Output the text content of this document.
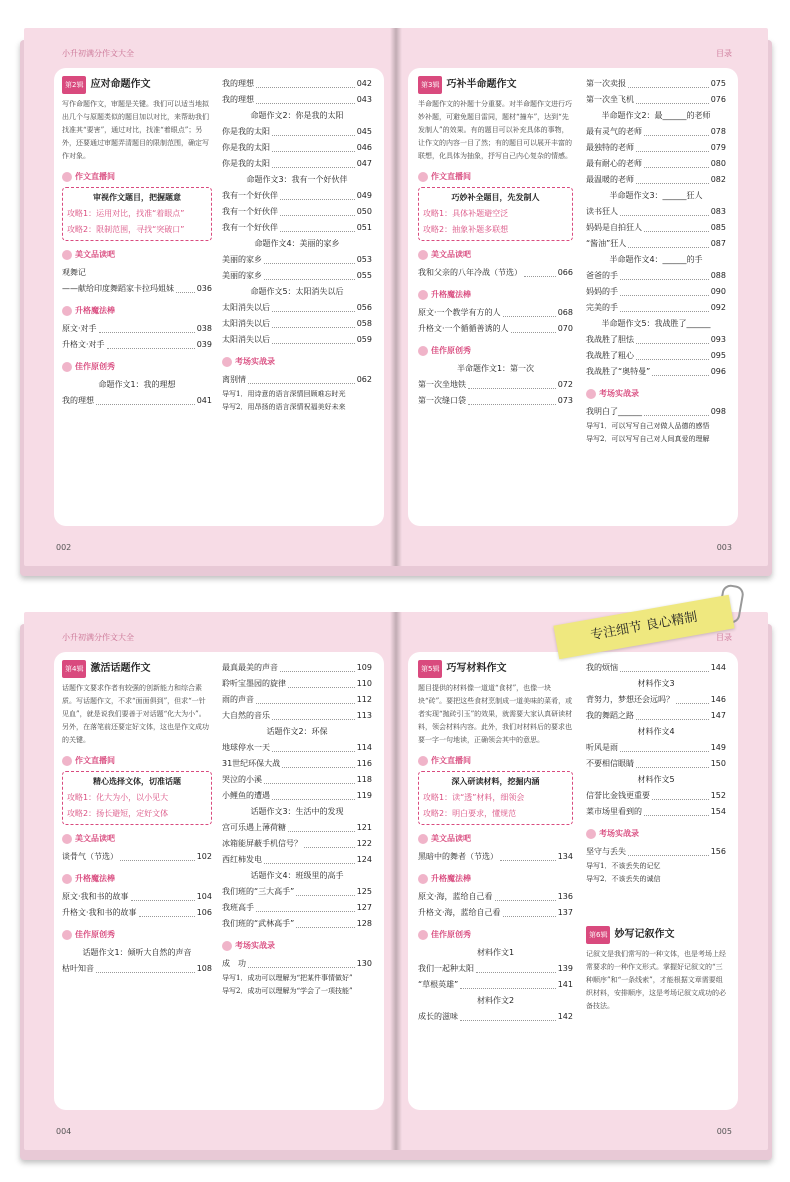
小升初满分作文大全
第2辑 应对命题作文
写作命题作文，审题是关键。我们可以适当地拟出几个与原题类似的题目加以对比，来帮助我们找准其“要害”，通过对比，找准“着眼点”；另外，还要通过审题弄清题目的限制范围，确定写作对象。
作文直播间
审视作文题目，把握题意
攻略1：运用对比，找准“着眼点”
攻略2：限制范围，寻找“突破口”
美文品读吧
观舞记
——献给印度舞蹈家卡拉玛姐妹	036
升格魔法棒
原文·对手	038
升格文·对手	039
佳作原创秀
命题作文1：我的理想
我的理想	041
我的理想	042
我的理想	043
命题作文2：你是我的太阳
你是我的太阳	045
你是我的太阳	046
你是我的太阳	047
命题作文3：我有一个好伙伴
我有一个好伙伴	049
我有一个好伙伴	050
我有一个好伙伴	051
命题作文4：美丽的家乡
美丽的家乡	053
美丽的家乡	055
命题作文5：太阳消失以后
太阳消失以后	056
太阳消失以后	058
太阳消失以后	059
考场实战录
离别情	062
导写1．用诗意的语言深情回顾难忘时光
导写2．用昂扬的语言深情祝福美好未来
002
目录
第3辑 巧补半命题作文
半命题作文的补题十分重要。对半命题作文进行巧妙补题，可避免题目雷同，题材“撞车”，达到“先发制人”的效果。有的题目可以补充具体的事物，让作文的内容一目了然；有的题目可以展开丰富的联想，化具体为抽象，抒写自己内心复杂的情感。
作文直播间
巧妙补全题目，先发制人
攻略1：具体补题避空泛
攻略2：抽象补题多联想
美文品读吧
我和父亲的八年冷战（节选）	066
升格魔法棒
原文·一个教学有方的人	068
升格文·一个循循善诱的人	070
佳作原创秀
半命题作文1：第一次
第一次坐地铁	072
第一次缝口袋	073
第一次卖报	075
第一次坐飞机	076
半命题作文2：最______的老师
最有灵气的老师	078
最独特的老师	079
最有耐心的老师	080
最温暖的老师	082
半命题作文3：______狂人
读书狂人	083
妈妈是自拍狂人	085
“酱油”狂人	087
半命题作文4：______的手
爸爸的手	088
妈妈的手	090
完美的手	092
半命题作文5：我战胜了______
我战胜了胆怯	093
我战胜了粗心	095
我战胜了“奥特曼”	096
考场实战录
我明白了______	098
导写1．可以写写自己对做人品德的感悟
导写2．可以写写自己对人间真爱的理解
003
小升初满分作文大全
第4辑 激活话题作文
话题作文要求作者有较强的创新能力和综合素质。写话题作文，不求“面面俱到”，但求“一针见血”，就是说我们要善于对话题“化大为小”。另外，在落笔前还要定好文体，这也是作文成功的关键。
作文直播间
精心选择文体，切准话题
攻略1：化大为小，以小见大
攻略2：扬长避短，定好文体
美文品读吧
谈骨气（节选）	102
升格魔法棒
原文·我和书的故事	104
升格文·我和书的故事	106
佳作原创秀
话题作文1：倾听大自然的声音
枯叶知音	108
最真最美的声音	109
聆听宝墨园的旋律	110
雨的声音	112
大自然的音乐	113
话题作文2：环保
地球停水一天	114
31世纪环保大战	116
哭泣的小溪	118
小鲤鱼的遭遇	119
话题作文3：生活中的发现
宫可乐遇上薄荷糖	121
冰箱能屏蔽手机信号？	122
西红柿发电	124
话题作文4：班级里的高手
我们班的“三大高手”	125
我班高手	127
我们班的“武林高手”	128
考场实战录
成　功	130
导写1．成功可以理解为“把某件事情做好”
导写2．成功可以理解为“学会了一项技能”
004
目录
第5辑 巧写材料作文
题目提供的材料像一道道“食材”，也像一块块“砖”。要把这些食材烹制成一道美味的菜肴，或者实现“抛砖引玉”的效果，就需要大家认真研读材料，领会材料内容。此外，我们对材料后的要求也要一字一句地读，正确领会其中的意思。
作文直播间
深入研读材料，挖掘内涵
攻略1：读“透”材料，细领会
攻略2：明白要求，懂规范
美文品读吧
黑暗中的舞者（节选）	134
升格魔法棒
原文·海，蓝给自己看	136
升格文·海，蓝给自己看	137
佳作原创秀
材料作文1
我们一起种太阳	139
“草根英雄”	141
材料作文2
成长的滋味	142
我的烦恼	144
材料作文3
背努力，梦想还会远吗？	146
我的舞蹈之路	147
材料作文4
听风是雨	149
不要相信眼睛	150
材料作文5
信誉比金钱更重要	152
菜市场里看到的	154
考场实战录
坚守与丢失	156
导写1．不该丢失的记忆
导写2．不该丢失的诚信
第6辑 妙写记叙作文
记叙文是我们常写的一种文体，也是考场上经常要求的一种作文形式。掌握好记叙文的“三种顺序”和“一条线索”，才能根据文章需要组织材料，安排顺序，这是考场记叙文成功的必备技法。
005
专注细节 良心精制
